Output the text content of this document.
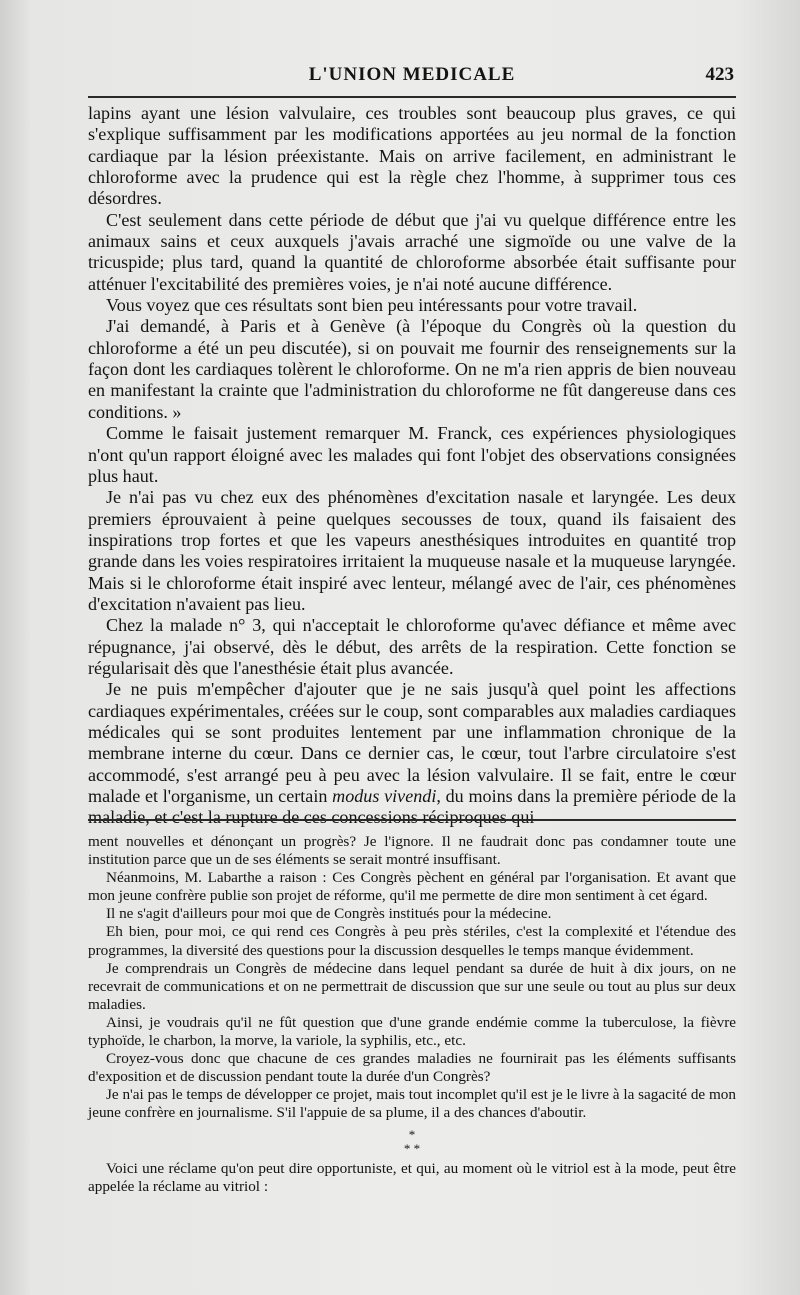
L'UNION MEDICALE	423

lapins ayant une lésion valvulaire, ces troubles sont beaucoup plus graves, ce qui s'explique suffisamment par les modifications apportées au jeu normal de la fonction cardiaque par la lésion préexistante. Mais on arrive facilement, en administrant le chloroforme avec la prudence qui est la règle chez l'homme, à supprimer tous ces désordres.

C'est seulement dans cette période de début que j'ai vu quelque différence entre les animaux sains et ceux auxquels j'avais arraché une sigmoïde ou une valve de la tricuspide; plus tard, quand la quantité de chloroforme absorbée était suffisante pour atténuer l'excitabilité des premières voies, je n'ai noté aucune différence.

Vous voyez que ces résultats sont bien peu intéressants pour votre travail.

J'ai demandé, à Paris et à Genève (à l'époque du Congrès où la question du chloroforme a été un peu discutée), si on pouvait me fournir des renseignements sur la façon dont les cardiaques tolèrent le chloroforme. On ne m'a rien appris de bien nouveau en manifestant la crainte que l'administration du chloroforme ne fût dangereuse dans ces conditions. »

Comme le faisait justement remarquer M. Franck, ces expériences physiologiques n'ont qu'un rapport éloigné avec les malades qui font l'objet des observations consignées plus haut.

Je n'ai pas vu chez eux des phénomènes d'excitation nasale et laryngée. Les deux premiers éprouvaient à peine quelques secousses de toux, quand ils faisaient des inspirations trop fortes et que les vapeurs anesthésiques introduites en quantité trop grande dans les voies respiratoires irritaient la muqueuse nasale et la muqueuse laryngée. Mais si le chloroforme était inspiré avec lenteur, mélangé avec de l'air, ces phénomènes d'excitation n'avaient pas lieu.

Chez la malade n° 3, qui n'acceptait le chloroforme qu'avec défiance et même avec répugnance, j'ai observé, dès le début, des arrêts de la respiration. Cette fonction se régularisait dès que l'anesthésie était plus avancée.

Je ne puis m'empêcher d'ajouter que je ne sais jusqu'à quel point les affections cardiaques expérimentales, créées sur le coup, sont comparables aux maladies cardiaques médicales qui se sont produites lentement par une inflammation chronique de la membrane interne du cœur. Dans ce dernier cas, le cœur, tout l'arbre circulatoire s'est accommodé, s'est arrangé peu à peu avec la lésion valvulaire. Il se fait, entre le cœur malade et l'organisme, un certain modus vivendi, du moins dans la première période de la maladie, et c'est la rupture de ces concessions réciproques qui

ment nouvelles et dénonçant un progrès? Je l'ignore. Il ne faudrait donc pas condamner toute une institution parce que un de ses éléments se serait montré insuffisant.

Néanmoins, M. Labarthe a raison : Ces Congrès pèchent en général par l'organisation. Et avant que mon jeune confrère publie son projet de réforme, qu'il me permette de dire mon sentiment à cet égard.

Il ne s'agit d'ailleurs pour moi que de Congrès institués pour la médecine.

Eh bien, pour moi, ce qui rend ces Congrès à peu près stériles, c'est la complexité et l'étendue des programmes, la diversité des questions pour la discussion desquelles le temps manque évidemment.

Je comprendrais un Congrès de médecine dans lequel pendant sa durée de huit à dix jours, on ne recevrait de communications et on ne permettrait de discussion que sur une seule ou tout au plus sur deux maladies.

Ainsi, je voudrais qu'il ne fût question que d'une grande endémie comme la tuberculose, la fièvre typhoïde, le charbon, la morve, la variole, la syphilis, etc., etc.

Croyez-vous donc que chacune de ces grandes maladies ne fournirait pas les éléments suffisants d'exposition et de discussion pendant toute la durée d'un Congrès?

Je n'ai pas le temps de développer ce projet, mais tout incomplet qu'il est je le livre à la sagacité de mon jeune confrère en journalisme. S'il l'appuie de sa plume, il a des chances d'aboutir.

*
* *

Voici une réclame qu'on peut dire opportuniste, et qui, au moment où le vitriol est à la mode, peut être appelée la réclame au vitriol :
